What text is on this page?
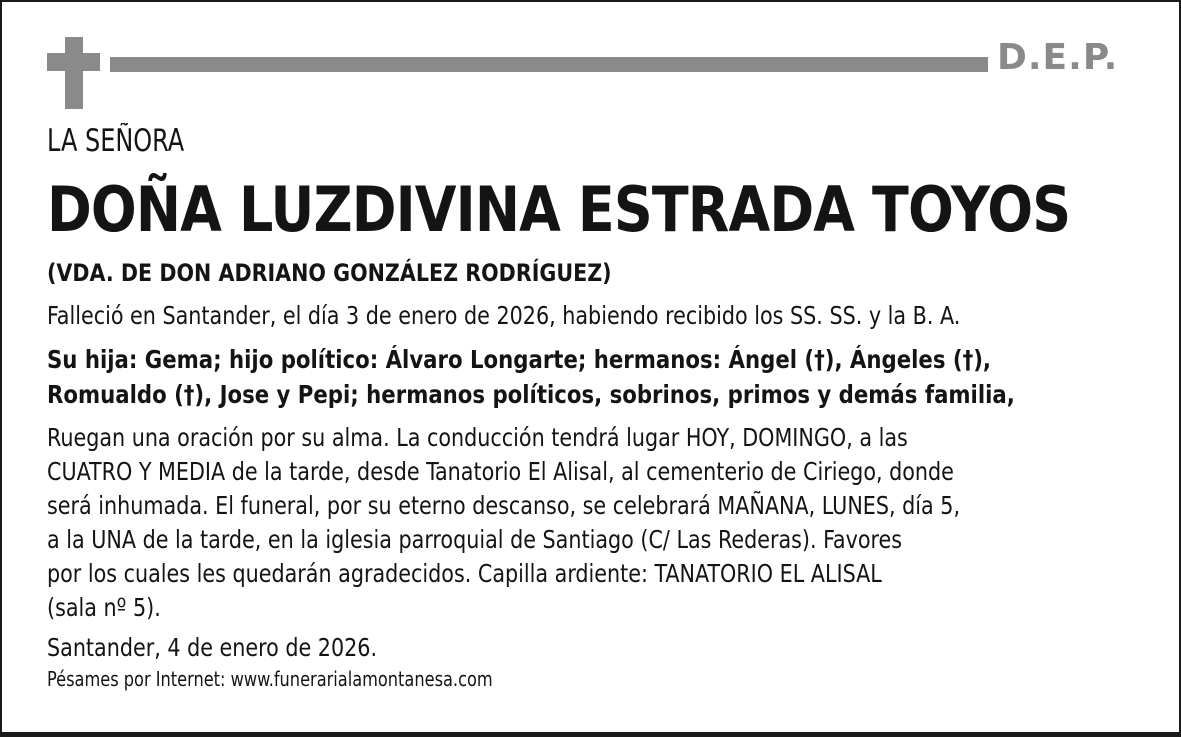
D.E.P.
LA SEÑORA
DOÑA LUZDIVINA ESTRADA TOYOS
(VDA. DE DON ADRIANO GONZÁLEZ RODRÍGUEZ)
Falleció en Santander, el día 3 de enero de 2026, habiendo recibido los SS. SS. y la B. A.
Su hija: Gema; hijo político: Álvaro Longarte; hermanos: Ángel (†), Ángeles (†),
Romualdo (†), Jose y Pepi; hermanos políticos, sobrinos, primos y demás familia,
Ruegan una oración por su alma. La conducción tendrá lugar HOY, DOMINGO, a las
CUATRO Y MEDIA de la tarde, desde Tanatorio El Alisal, al cementerio de Ciriego, donde
será inhumada. El funeral, por su eterno descanso, se celebrará MAÑANA, LUNES, día 5,
a la UNA de la tarde, en la iglesia parroquial de Santiago (C/ Las Rederas). Favores
por los cuales les quedarán agradecidos. Capilla ardiente: TANATORIO EL ALISAL
(sala nº 5).
Santander, 4 de enero de 2026.
Pésames por Internet: www.funerarialamontanesa.com
